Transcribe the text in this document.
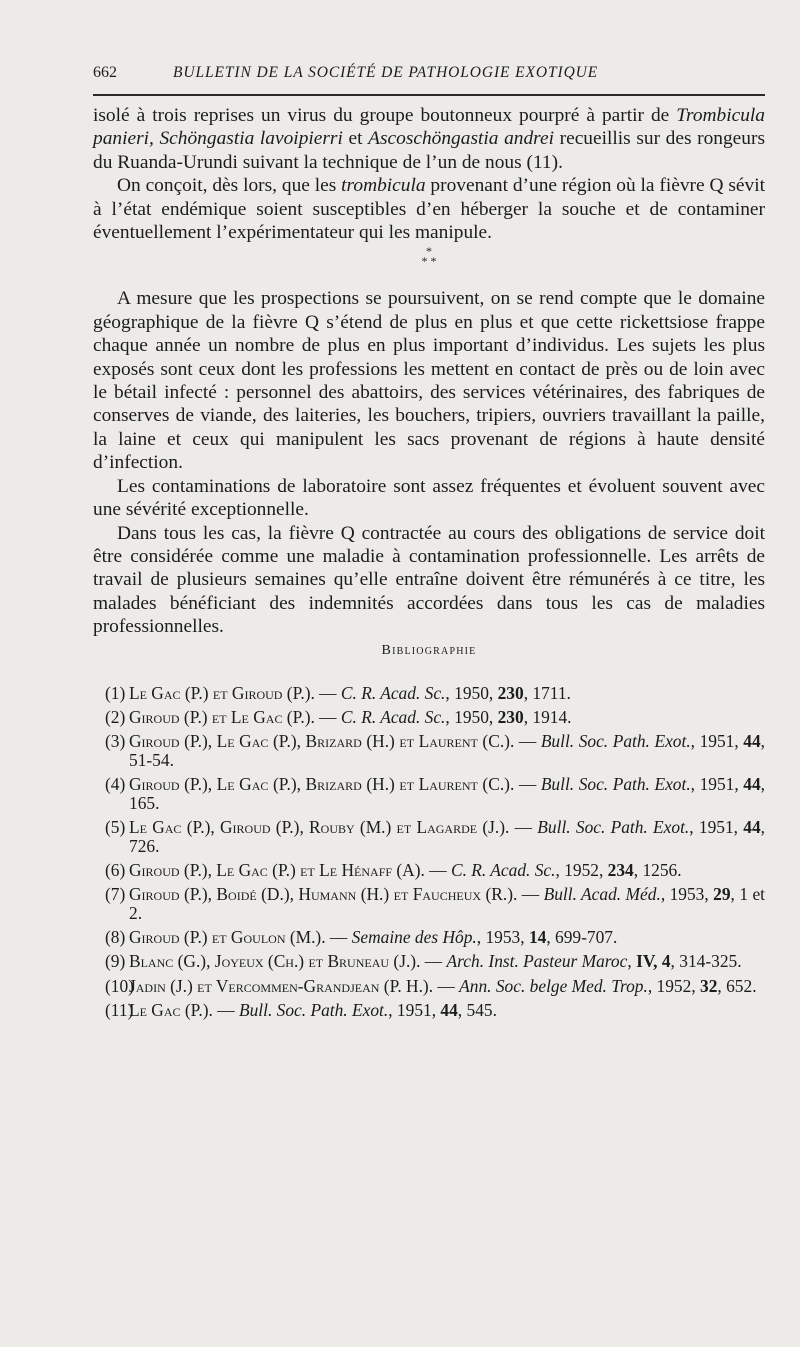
662	BULLETIN DE LA SOCIÉTÉ DE PATHOLOGIE EXOTIQUE

isolé à trois reprises un virus du groupe boutonneux pourpré à partir de Trombicula panieri, Schöngastia lavoipierri et Ascoschöngastia andrei recueillis sur des rongeurs du Ruanda-Urundi suivant la technique de l’un de nous (11).

On conçoit, dès lors, que les trombicula provenant d’une région où la fièvre Q sévit à l’état endémique soient susceptibles d’en héberger la souche et de contaminer éventuellement l’expérimentateur qui les manipule.

*
* *

A mesure que les prospections se poursuivent, on se rend compte que le domaine géographique de la fièvre Q s’étend de plus en plus et que cette rickettsiose frappe chaque année un nombre de plus en plus important d’individus. Les sujets les plus exposés sont ceux dont les professions les mettent en contact de près ou de loin avec le bétail infecté : personnel des abattoirs, des services vétérinaires, des fabriques de conserves de viande, des laiteries, les bouchers, tripiers, ouvriers travaillant la paille, la laine et ceux qui manipulent les sacs provenant de régions à haute densité d’infection.

Les contaminations de laboratoire sont assez fréquentes et évoluent souvent avec une sévérité exceptionnelle.

Dans tous les cas, la fièvre Q contractée au cours des obligations de service doit être considérée comme une maladie à contamination professionnelle. Les arrêts de travail de plusieurs semaines qu’elle entraîne doivent être rémunérés à ce titre, les malades bénéficiant des indemnités accordées dans tous les cas de maladies professionnelles.

Bibliographie
(1) Le Gac (P.) et Giroud (P.). — C. R. Acad. Sc., 1950, 230, 1711.
(2) Giroud (P.) et Le Gac (P.). — C. R. Acad. Sc., 1950, 230, 1914.
(3) Giroud (P.), Le Gac (P.), Brizard (H.) et Laurent (C.). — Bull. Soc. Path. Exot., 1951, 44, 51-54.
(4) Giroud (P.), Le Gac (P.), Brizard (H.) et Laurent (C.). — Bull. Soc. Path. Exot., 1951, 44, 165.
(5) Le Gac (P.), Giroud (P.), Rouby (M.) et Lagarde (J.). — Bull. Soc. Path. Exot., 1951, 44, 726.
(6) Giroud (P.), Le Gac (P.) et Le Hénaff (A). — C. R. Acad. Sc., 1952, 234, 1256.
(7) Giroud (P.), Boidé (D.), Humann (H.) et Faucheux (R.). — Bull. Acad. Méd., 1953, 29, 1 et 2.
(8) Giroud (P.) et Goulon (M.). — Semaine des Hôp., 1953, 14, 699-707.
(9) Blanc (G.), Joyeux (Ch.) et Bruneau (J.). — Arch. Inst. Pasteur Maroc, IV, 4, 314-325.
(10)
Jadin (J.) et Vercommen-Grandjean (P. H.). — Ann. Soc. belge Med. Trop., 1952, 32, 652.
(11)
Le Gac (P.). — Bull. Soc. Path. Exot., 1951, 44, 545.
